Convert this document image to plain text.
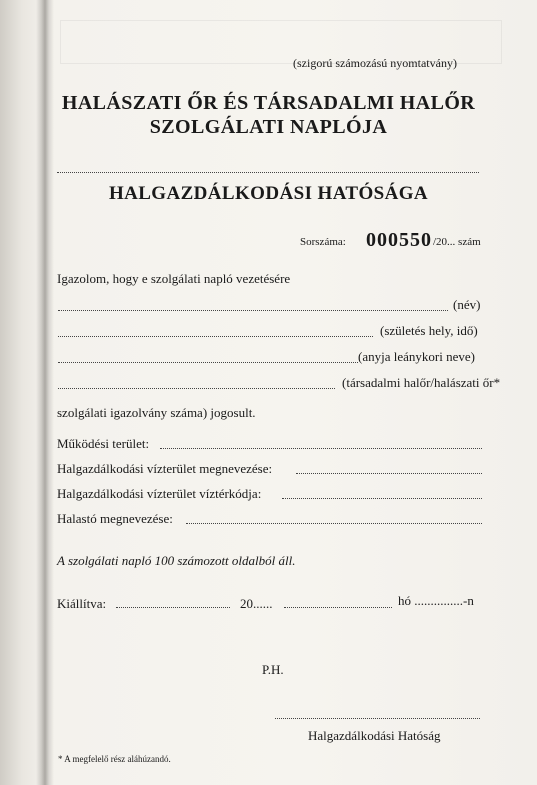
(szigorú számozású nyomtatvány)
HALÁSZATI ŐR ÉS TÁRSADALMI HALŐR
SZOLGÁLATI NAPLÓJA
HALGAZDÁLKODÁSI HATÓSÁGA
Sorszáma: 000550 /20... szám
Igazolom, hogy e szolgálati napló vezetésére
(név)
(születés hely, idő)
(anyja leánykori neve)
(társadalmi halőr/halászati őr*
szolgálati igazolvány száma) jogosult.
Működési terület:
Halgazdálkodási vízterület megnevezése:
Halgazdálkodási vízterület víztérkódja:
Halastó megnevezése:
A szolgálati napló 100 számozott oldalból áll.
Kiállítva:	20......	hó ...............-n
P.H.
Halgazdálkodási Hatóság
* A megfelelő rész aláhúzandó.
